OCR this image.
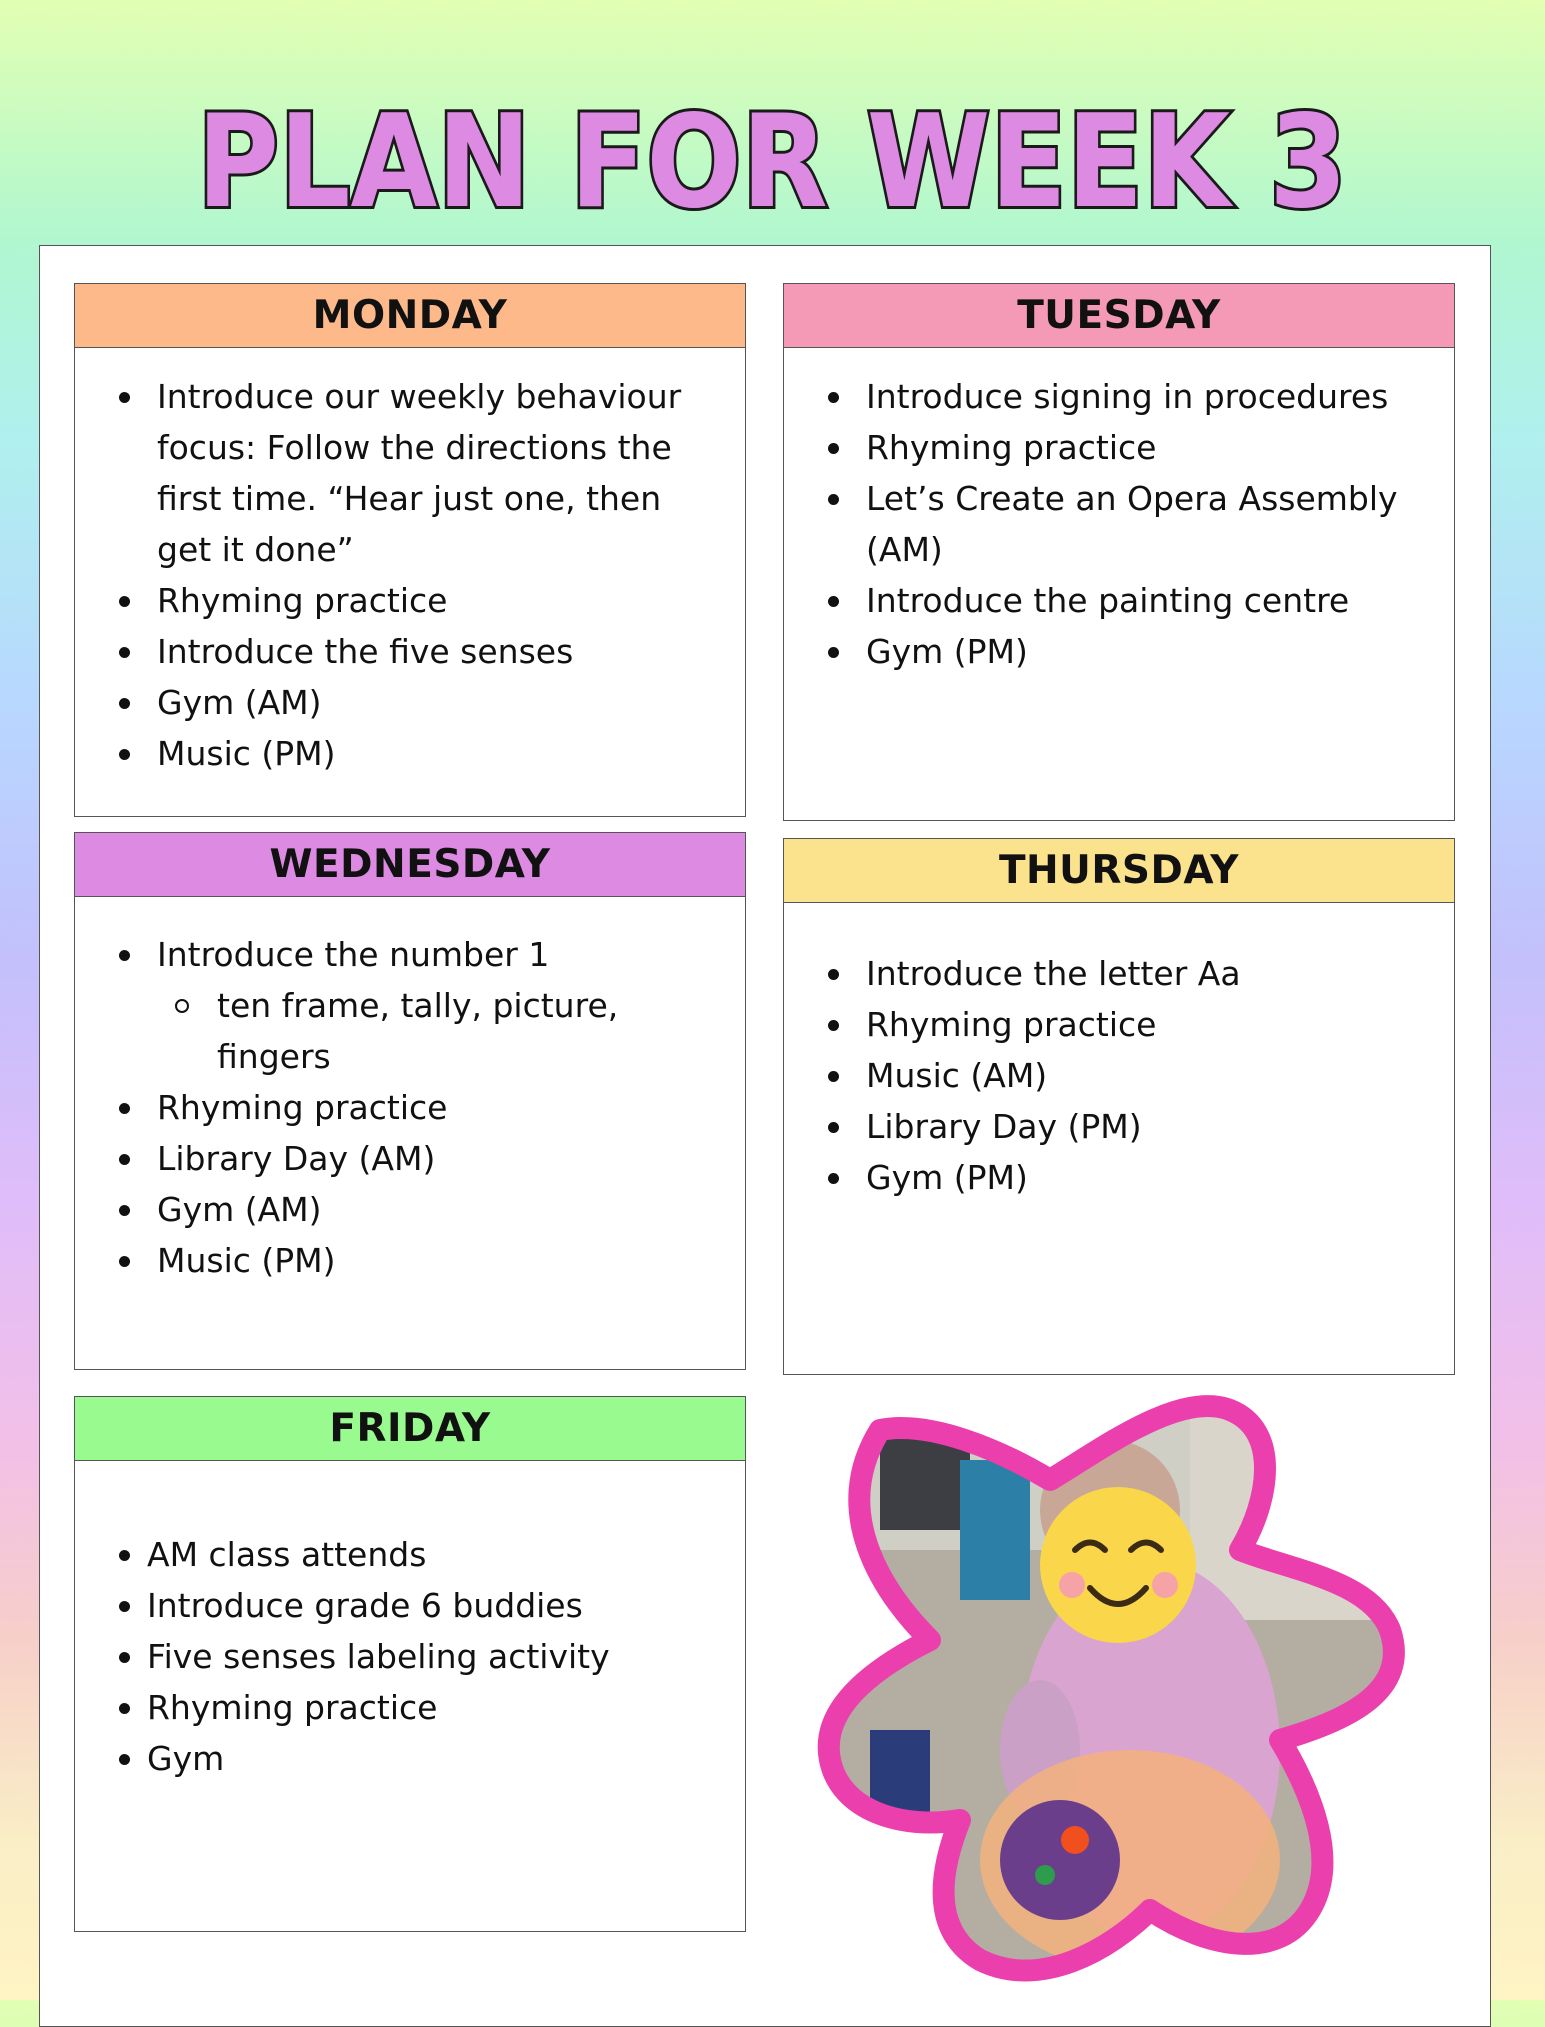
PLAN FOR WEEK 3
MONDAY
Introduce our weekly behaviour
focus: Follow the directions the
first time. “Hear just one, then
get it done”
Rhyming practice
Introduce the five senses
Gym (AM)
Music (PM)
TUESDAY
Introduce signing in procedures
Rhyming practice
Let’s Create an Opera Assembly
(AM)
Introduce the painting centre
Gym (PM)
WEDNESDAY
Introduce the number 1
ten frame, tally, picture,
fingers
Rhyming practice
Library Day (AM)
Gym (AM)
Music (PM)
THURSDAY
Introduce the letter Aa
Rhyming practice
Music (AM)
Library Day (PM)
Gym (PM)
FRIDAY
AM class attends
Introduce grade 6 buddies
Five senses labeling activity
Rhyming practice
Gym
